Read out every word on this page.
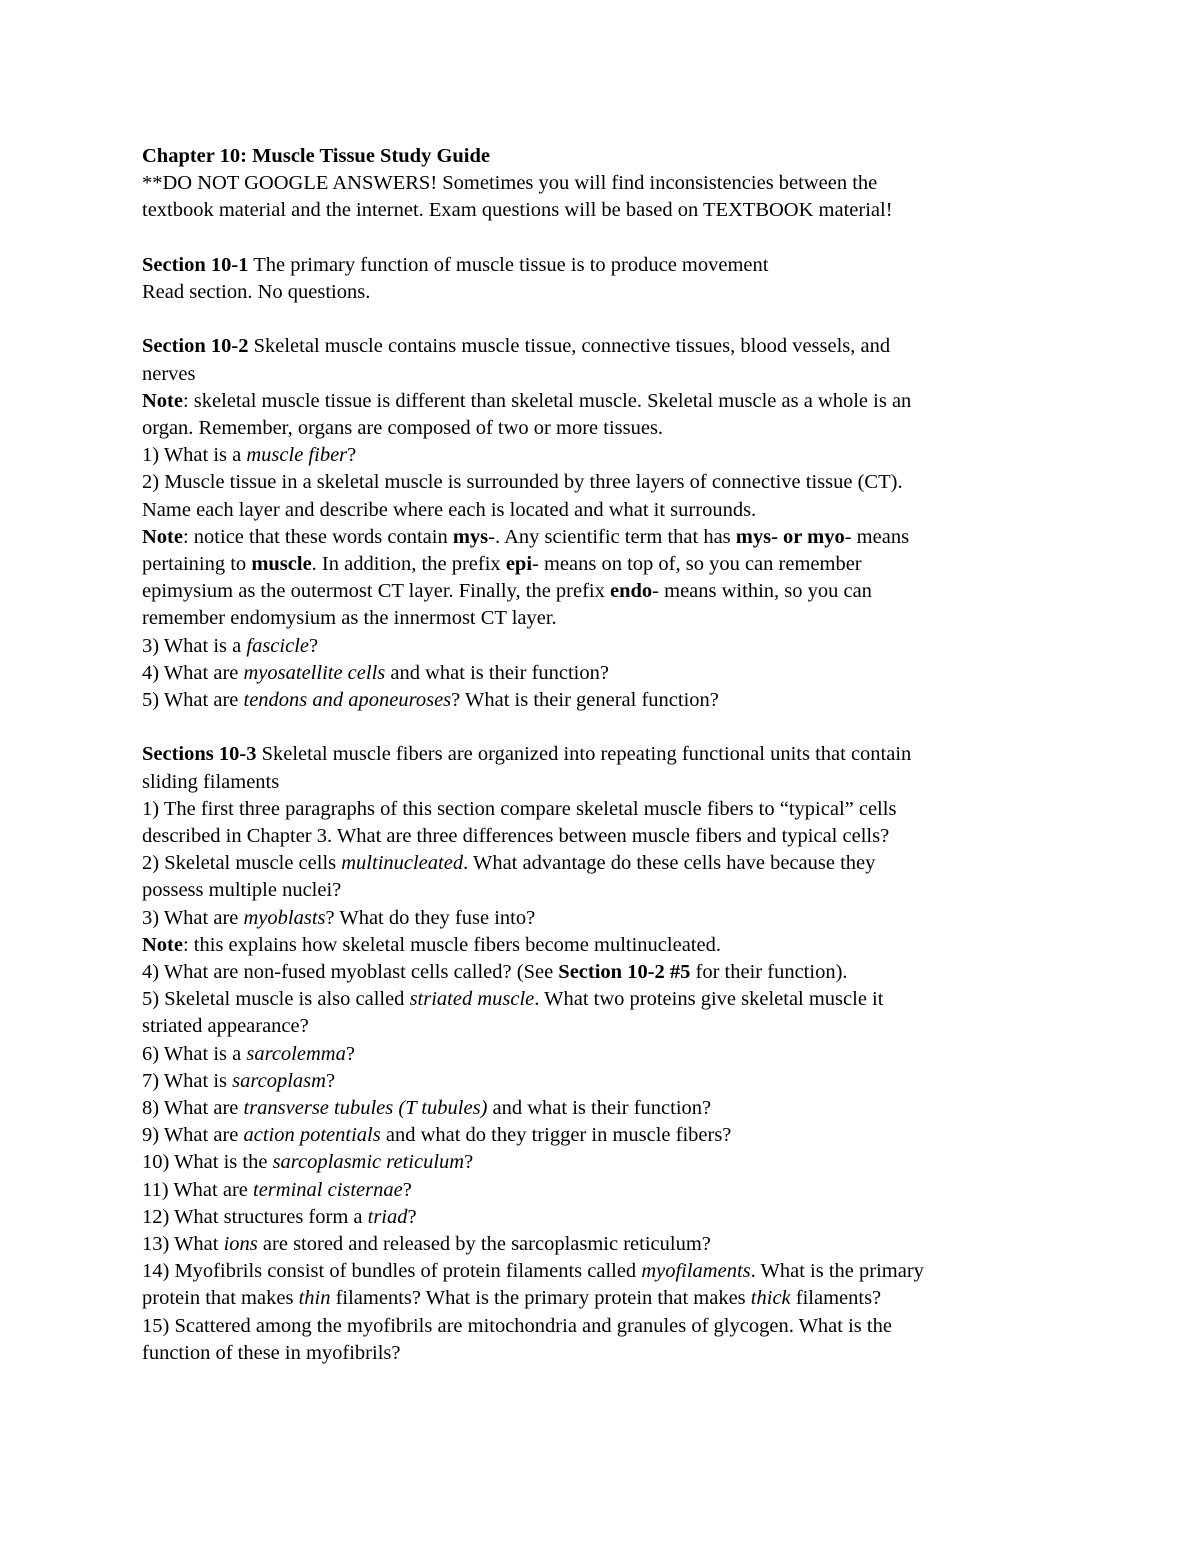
Chapter 10: Muscle Tissue Study Guide
**DO NOT GOOGLE ANSWERS! Sometimes you will find inconsistencies between the
textbook material and the internet. Exam questions will be based on TEXTBOOK material!
Section 10-1 The primary function of muscle tissue is to produce movement
Read section. No questions.
Section 10-2 Skeletal muscle contains muscle tissue, connective tissues, blood vessels, and
nerves
Note: skeletal muscle tissue is different than skeletal muscle. Skeletal muscle as a whole is an
organ. Remember, organs are composed of two or more tissues.
1) What is a muscle fiber?
2) Muscle tissue in a skeletal muscle is surrounded by three layers of connective tissue (CT).
Name each layer and describe where each is located and what it surrounds.
Note: notice that these words contain mys-. Any scientific term that has mys- or myo- means
pertaining to muscle. In addition, the prefix epi- means on top of, so you can remember
epimysium as the outermost CT layer. Finally, the prefix endo- means within, so you can
remember endomysium as the innermost CT layer.
3) What is a fascicle?
4) What are myosatellite cells and what is their function?
5) What are tendons and aponeuroses? What is their general function?
Sections 10-3 Skeletal muscle fibers are organized into repeating functional units that contain
sliding filaments
1) The first three paragraphs of this section compare skeletal muscle fibers to “typical” cells
described in Chapter 3. What are three differences between muscle fibers and typical cells?
2) Skeletal muscle cells multinucleated. What advantage do these cells have because they
possess multiple nuclei?
3) What are myoblasts? What do they fuse into?
Note: this explains how skeletal muscle fibers become multinucleated.
4) What are non-fused myoblast cells called? (See Section 10-2 #5 for their function).
5) Skeletal muscle is also called striated muscle. What two proteins give skeletal muscle it
striated appearance?
6) What is a sarcolemma?
7) What is sarcoplasm?
8) What are transverse tubules (T tubules) and what is their function?
9) What are action potentials and what do they trigger in muscle fibers?
10) What is the sarcoplasmic reticulum?
11) What are terminal cisternae?
12) What structures form a triad?
13) What ions are stored and released by the sarcoplasmic reticulum?
14) Myofibrils consist of bundles of protein filaments called myofilaments. What is the primary
protein that makes thin filaments? What is the primary protein that makes thick filaments?
15) Scattered among the myofibrils are mitochondria and granules of glycogen. What is the
function of these in myofibrils?
